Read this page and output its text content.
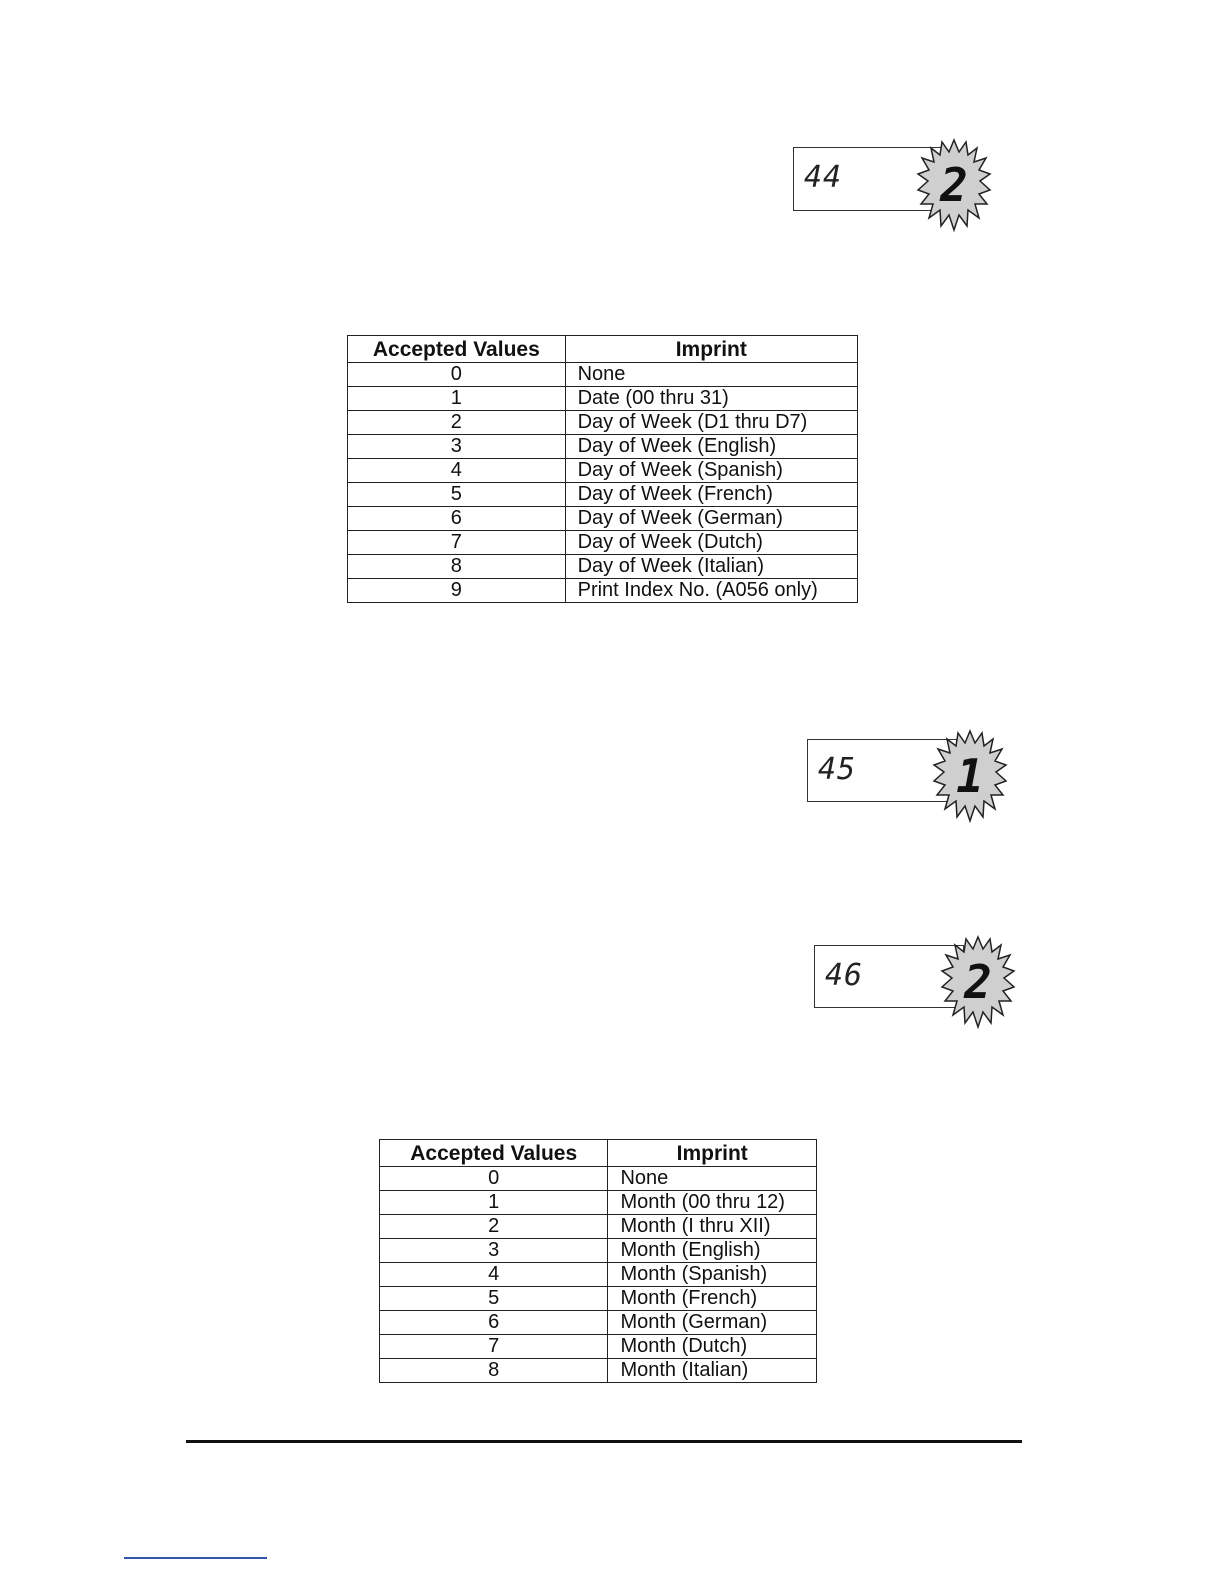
44	2
Accepted Values	Imprint
0	None
1	Date (00 thru 31)
2	Day of Week (D1 thru D7)
3	Day of Week (English)
4	Day of Week (Spanish)
5	Day of Week (French)
6	Day of Week (German)
7	Day of Week (Dutch)
8	Day of Week (Italian)
9	Print Index No. (A056 only)
45	1
46	2
Accepted Values	Imprint
0	None
1	Month (00 thru 12)
2	Month (I thru XII)
3	Month (English)
4	Month (Spanish)
5	Month (French)
6	Month (German)
7	Month (Dutch)
8	Month (Italian)
